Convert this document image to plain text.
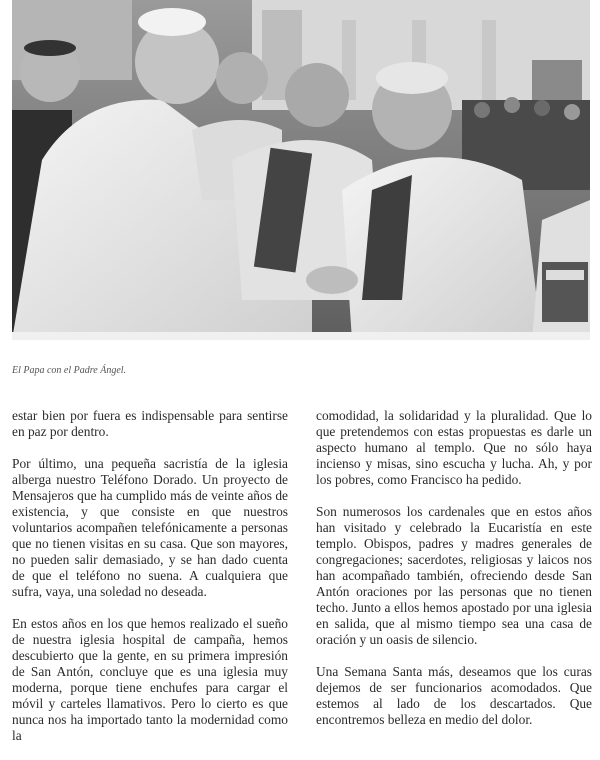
El Papa con el Padre Ángel.

estar bien por fuera es indispensable para sentirse en paz por dentro.

Por último, una pequeña sacristía de la iglesia alberga nuestro Teléfono Dorado. Un proyecto de Mensajeros que ha cumplido más de veinte años de existencia, y que consiste en que nuestros voluntarios acompañen telefónicamente a personas que no tienen visitas en su casa. Que son mayores, no pueden salir demasiado, y se han dado cuenta de que el teléfono no suena. A cualquiera que sufra, vaya, una soledad no deseada.

En estos años en los que hemos realizado el sueño de nuestra iglesia hospital de campaña, hemos descubierto que la gente, en su primera impresión de San Antón, concluye que es una iglesia muy moderna, porque tiene enchufes para cargar el móvil y carteles llamativos. Pero lo cierto es que nunca nos ha importado tanto la modernidad como la

comodidad, la solidaridad y la pluralidad. Que lo que pretendemos con estas propuestas es darle un aspecto humano al templo. Que no sólo haya incienso y misas, sino escucha y lucha. Ah, y por los pobres, como Francisco ha pedido.

Son numerosos los cardenales que en estos años han visitado y celebrado la Eucaristía en este templo. Obispos, padres y madres generales de congregaciones; sacerdotes, religiosas y laicos nos han acompañado también, ofreciendo desde San Antón oraciones por las personas que no tienen techo. Junto a ellos hemos apostado por una iglesia en salida, que al mismo tiempo sea una casa de oración y un oasis de silencio.

Una Semana Santa más, deseamos que los curas dejemos de ser funcionarios acomodados. Que estemos al lado de los descartados. Que encontremos belleza en medio del dolor.
